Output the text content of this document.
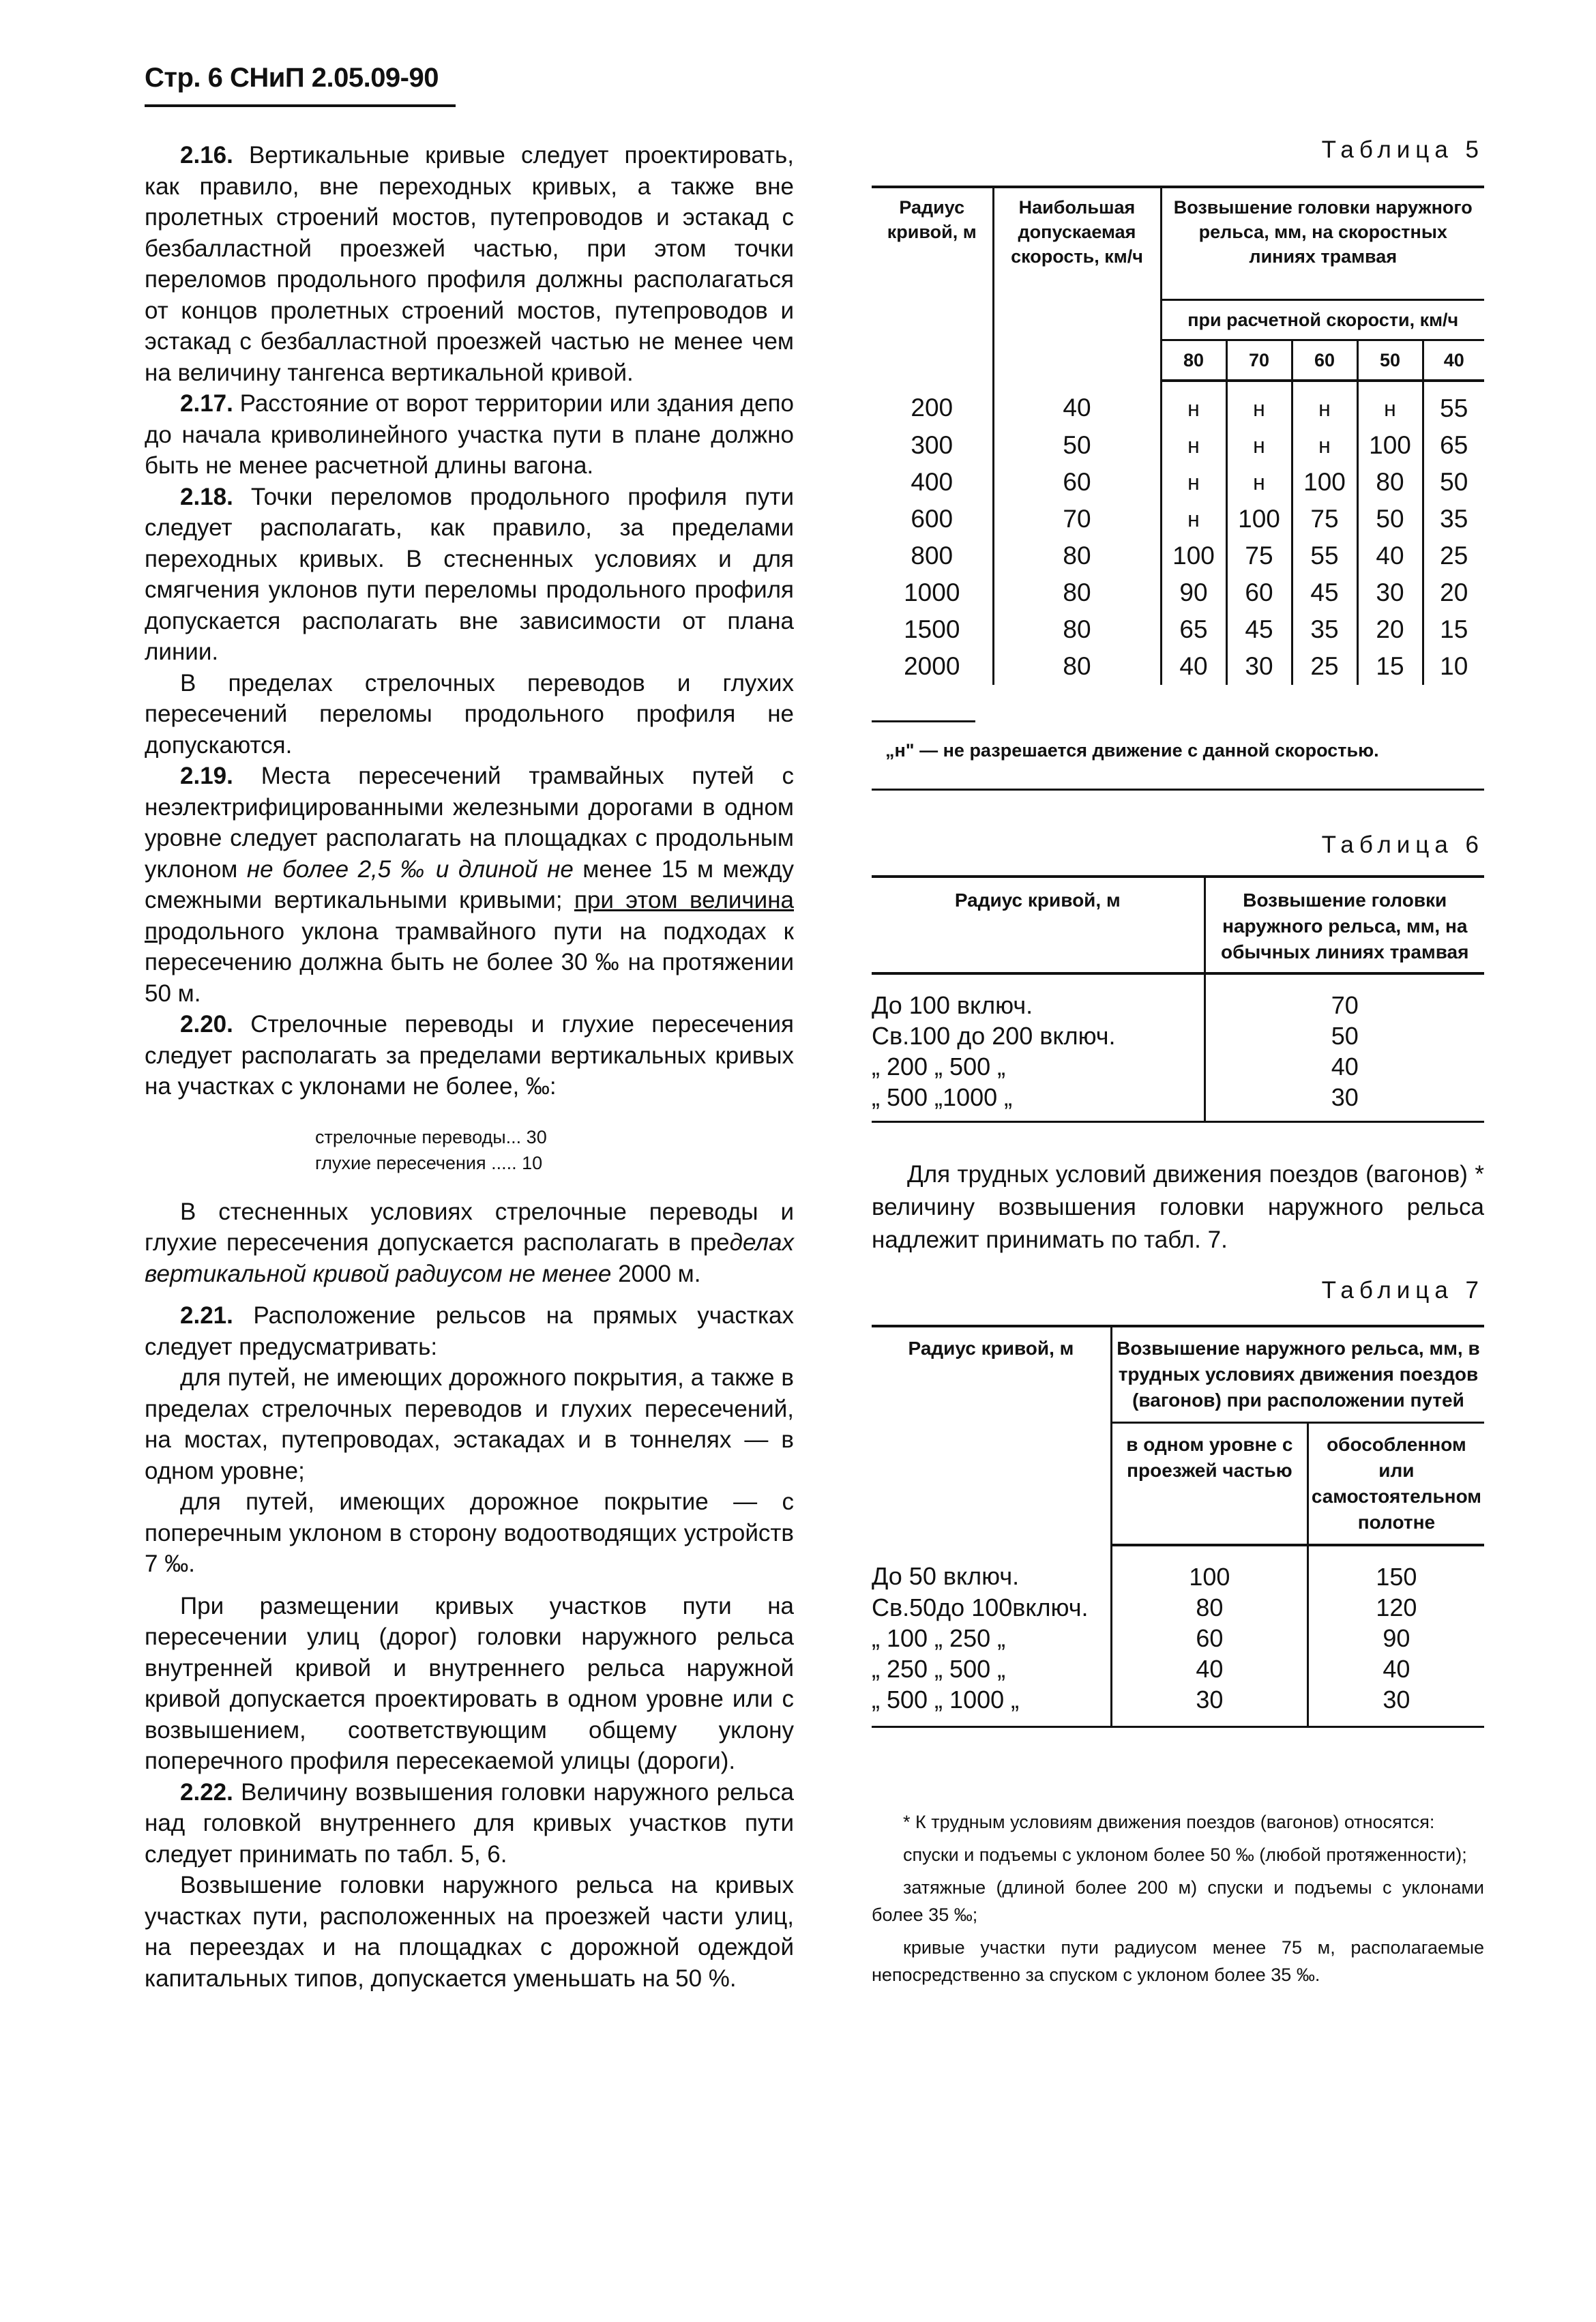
Стр. 6 СНиП 2.05.09-90

2.16. Вертикальные кривые следует проектировать, как правило, вне переходных кривых, а также вне пролетных строений мостов, путепроводов и эстакад с безбалластной проезжей частью, при этом точки переломов продольного профиля должны располагаться от концов пролетных строений мостов, путепроводов и эстакад с безбалластной проезжей частью не менее чем на величину тангенса вертикальной кривой.

2.17. Расстояние от ворот территории или здания депо до начала криволинейного участка пути в плане должно быть не менее расчетной длины вагона.

2.18. Точки переломов продольного профиля пути следует располагать, как правило, за пределами переходных кривых. В стесненных условиях и для смягчения уклонов пути переломы продольного профиля допускается располагать вне зависимости от плана линии.

В пределах стрелочных переводов и глухих пересечений переломы продольного профиля не допускаются.

2.19. Места пересечений трамвайных путей с неэлектрифицированными железными дорогами в одном уровне следует располагать на площадках с продольным уклоном не более 2,5 ‰ и длиной не менее 15 м между смежными вертикальными кривыми; при этом величина продольного уклона трамвайного пути на подходах к пересечению должна быть не более 30 ‰ на протяжении 50 м.

2.20. Стрелочные переводы и глухие пересечения следует располагать за пределами вертикальных кривых на участках с уклонами не более, ‰:

стрелочные переводы... 30
глухие пересечения ..... 10

В стесненных условиях стрелочные переводы и глухие пересечения допускается располагать в пределах вертикальной кривой радиусом не менее 2000 м.

2.21. Расположение рельсов на прямых участках следует предусматривать:

для путей, не имеющих дорожного покрытия, а также в пределах стрелочных переводов и глухих пересечений, на мостах, путепроводах, эстакадах и в тоннелях — в одном уровне;

для путей, имеющих дорожное покрытие — с поперечным уклоном в сторону водоотводящих устройств 7 ‰.

При размещении кривых участков пути на пересечении улиц (дорог) головки наружного рельса внутренней кривой и внутреннего рельса наружной кривой допускается проектировать в одном уровне или с возвышением, соответствующим общему уклону поперечного профиля пересекаемой улицы (дороги).

2.22. Величину возвышения головки наружного рельса над головкой внутреннего для кривых участков пути следует принимать по табл. 5, 6.

Возвышение головки наружного рельса на кривых участках пути, расположенных на проезжей части улиц, на переездах и на площадках с дорожной одеждой капитальных типов, допускается уменьшать на 50 %.

Таблица 5
Радиус кривой, м	Наибольшая допускаемая скорость, км/ч	Возвышение головки наружного рельса, мм, на скоростных линиях трамвая				
		при расчетной скорости, км/ч				
		80	70	60	50	40
200	40	н	н	н	н	55
300	50	н	н	н	100	65
400	60	н	н	100	80	50
600	70	н	100	75	50	35
800	80	100	75	55	40	25
1000	80	90	60	45	30	20
1500	80	65	45	35	20	15
2000	80	40	30	25	15	10
„н" — не разрешается движение с данной скоростью.
Таблица 6
Радиус кривой, м	Возвышение головки наружного рельса, мм, на обычных линиях трамвая
До 100 включ.	70
Св.100 до 200 включ.	50
„ 200 „ 500 „	40
„ 500 „1000 „	30

Для трудных условий движения поездов (вагонов) * величину возвышения головки наружного рельса надлежит принимать по табл. 7.

Таблица 7
Радиус кривой, м	Возвышение наружного рельса, мм, в трудных условиях движения поездов (вагонов) при расположении путей	
	в одном уровне с проезжей частью	обособленном или самостоятельном полотне
До 50 включ.	100	150
Св.50до 100включ.	80	120
„ 100 „ 250 „	60	90
„ 250 „ 500 „	40	40
„ 500 „ 1000 „	30	30

* К трудным условиям движения поездов (вагонов) относятся:

спуски и подъемы с уклоном более 50 ‰ (любой протяженности);

затяжные (длиной более 200 м) спуски и подъемы с уклонами более 35 ‰;

кривые участки пути радиусом менее 75 м, располагаемые непосредственно за спуском с уклоном более 35 ‰.
